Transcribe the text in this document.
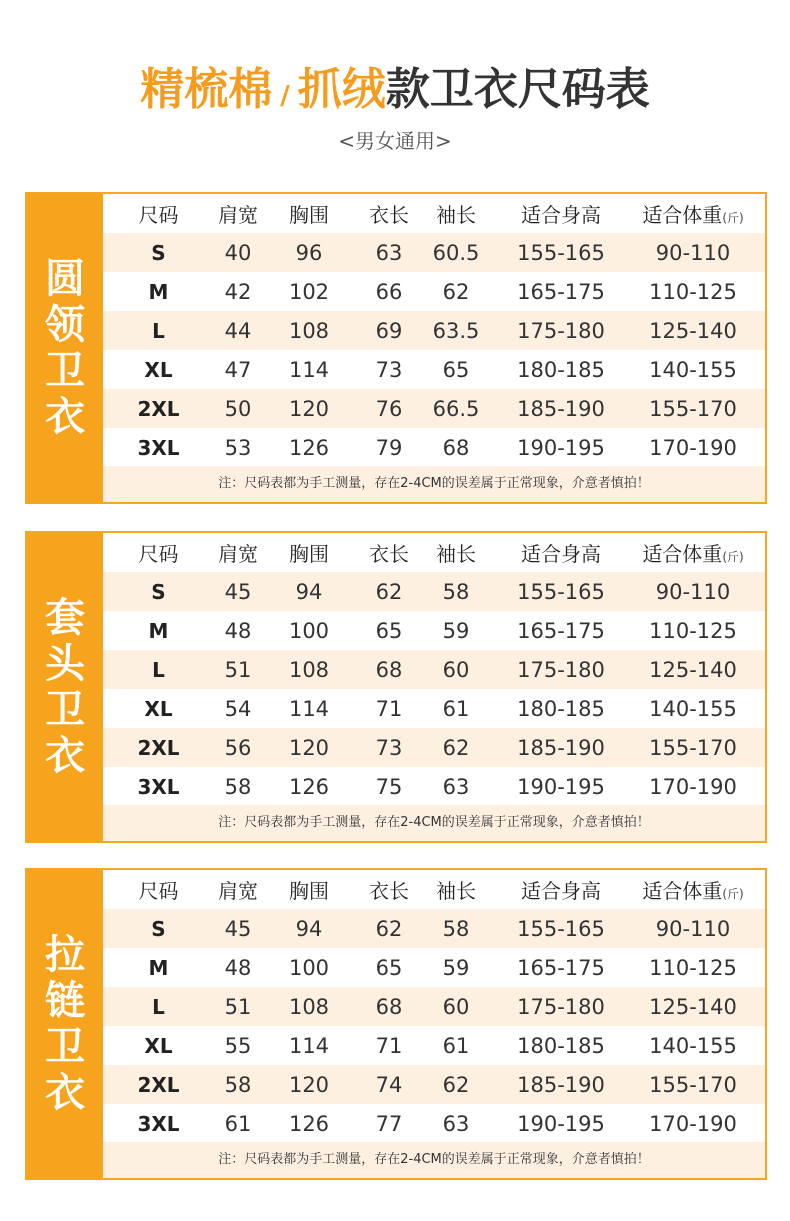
精梳棉 / 抓绒款卫衣尺码表
<男女通用>
圆
领
卫
衣
尺码	肩宽	胸围	衣长	袖长	适合身高	适合体重(斤)
S	40	96	63	60.5	155-165	90-110
M	42	102	66	62	165-175	110-125
L	44	108	69	63.5	175-180	125-140
XL	47	114	73	65	180-185	140-155
2XL	50	120	76	66.5	185-190	155-170
3XL	53	126	79	68	190-195	170-190
注：尺码表都为手工测量，存在2-4CM的误差属于正常现象，介意者慎拍！
套
头
卫
衣
尺码	肩宽	胸围	衣长	袖长	适合身高	适合体重(斤)
S	45	94	62	58	155-165	90-110
M	48	100	65	59	165-175	110-125
L	51	108	68	60	175-180	125-140
XL	54	114	71	61	180-185	140-155
2XL	56	120	73	62	185-190	155-170
3XL	58	126	75	63	190-195	170-190
注：尺码表都为手工测量，存在2-4CM的误差属于正常现象，介意者慎拍！
拉
链
卫
衣
尺码	肩宽	胸围	衣长	袖长	适合身高	适合体重(斤)
S	45	94	62	58	155-165	90-110
M	48	100	65	59	165-175	110-125
L	51	108	68	60	175-180	125-140
XL	55	114	71	61	180-185	140-155
2XL	58	120	74	62	185-190	155-170
3XL	61	126	77	63	190-195	170-190
注：尺码表都为手工测量，存在2-4CM的误差属于正常现象，介意者慎拍！
